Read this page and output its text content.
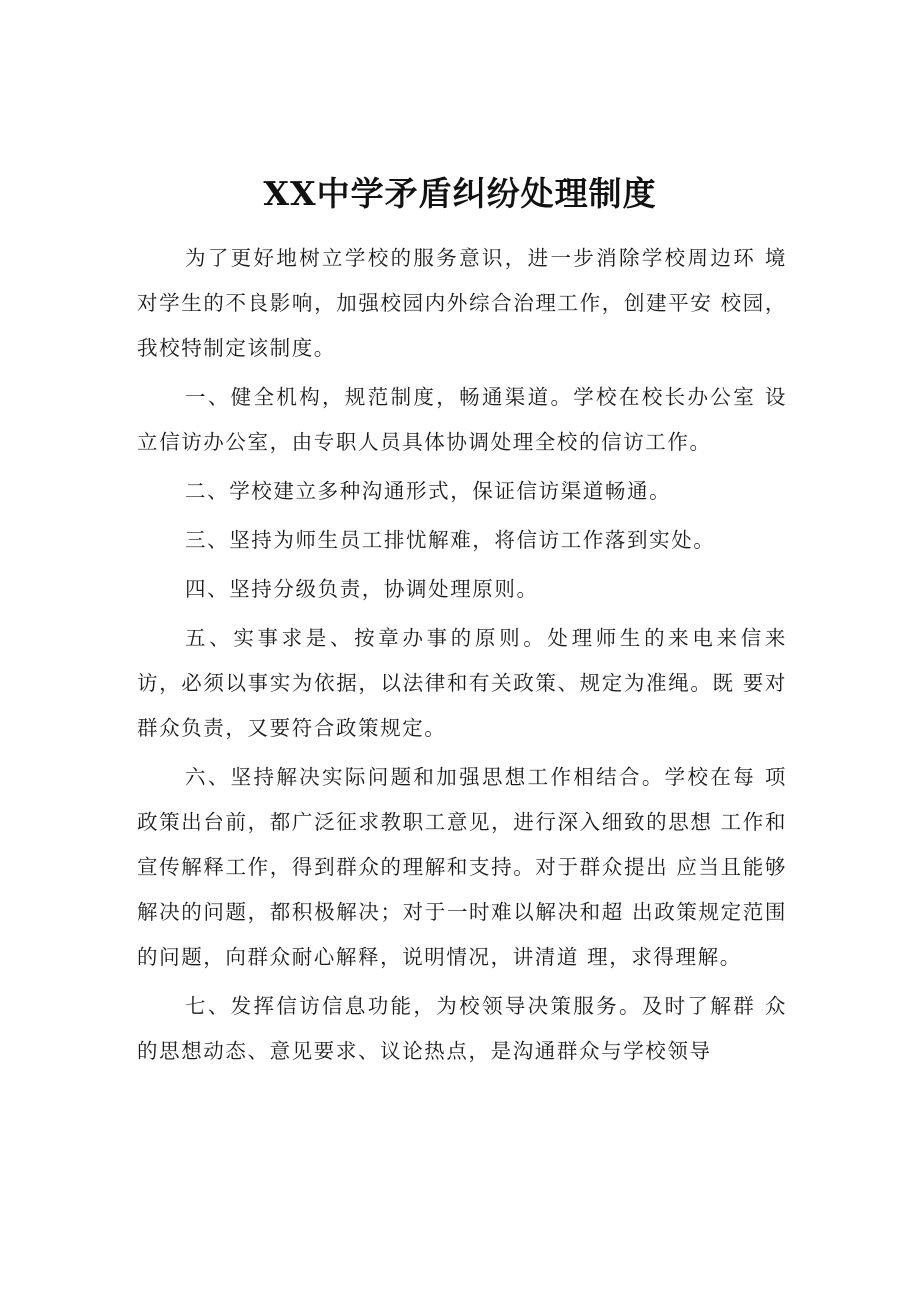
XX中学矛盾纠纷处理制度

为了更好地树立学校的服务意识，进一步消除学校周边环 境对学生的不良影响，加强校园内外综合治理工作，创建平安 校园，我校特制定该制度。

一、健全机构，规范制度，畅通渠道。学校在校长办公室 设立信访办公室，由专职人员具体协调处理全校的信访工作。

二、学校建立多种沟通形式，保证信访渠道畅通。

三、坚持为师生员工排忧解难，将信访工作落到实处。

四、坚持分级负责，协调处理原则。

五、实事求是、按章办事的原则。处理师生的来电来信来 访，必须以事实为依据，以法律和有关政策、规定为准绳。既 要对群众负责，又要符合政策规定。

六、坚持解决实际问题和加强思想工作相结合。学校在每 项政策出台前，都广泛征求教职工意见，进行深入细致的思想 工作和宣传解释工作，得到群众的理解和支持。对于群众提出 应当且能够解决的问题，都积极解决；对于一时难以解决和超 出政策规定范围的问题，向群众耐心解释，说明情况，讲清道 理，求得理解。

七、发挥信访信息功能，为校领导决策服务。及时了解群 众的思想动态、意见要求、议论热点，是沟通群众与学校领导
